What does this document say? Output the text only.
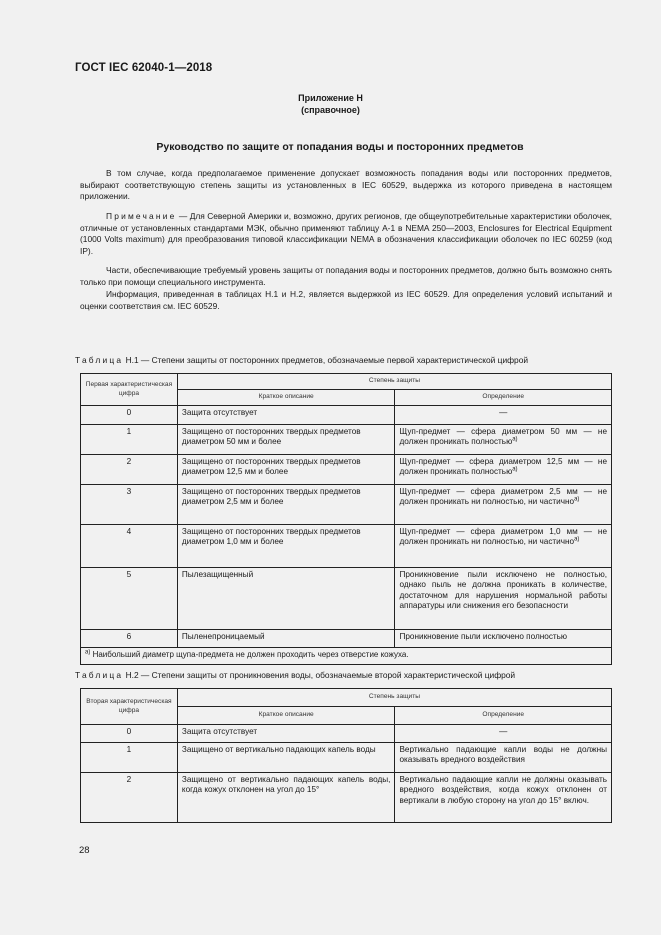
ГОСТ IEC 62040-1—2018
Приложение H
(справочное)
Руководство по защите от попадания воды и посторонних предметов

В том случае, когда предполагаемое применение допускает возможность попадания воды или посторонних предметов, выбирают соответствующую степень защиты из установленных в IEC 60529, выдержка из которого приведена в настоящем приложении.

Примечание — Для Северной Америки и, возможно, других регионов, где общеупотребительные характеристики оболочек, отличные от установленных стандартами МЭК, обычно применяют таблицу А-1 в NEMA 250—2003, Enclosures for Electrical Equipment (1000 Volts maximum) для преобразования типовой классификации NEMA в обозначения классификации оболочек по IEC 60259 (код IP).

Части, обеспечивающие требуемый уровень защиты от попадания воды и посторонних предметов, должно быть возможно снять только при помощи специального инструмента.

Информация, приведенная в таблицах H.1 и H.2, является выдержкой из IEC 60529. Для определения условий испытаний и оценки соответствия см. IEC 60529.

Таблица H.1 — Степени защиты от посторонних предметов, обозначаемые первой характеристической цифрой
Первая характеристическая цифра	Степень защиты	
	Краткое описание	Определение
0	Защита отсутствует	—
1	Защищено от посторонних твердых предметов диаметром 50 мм и более	Щуп-предмет — сфера диаметром 50 мм — не должен проникать полностью$^{a)}$
2	Защищено от посторонних твердых предметов диаметром 12,5 мм и более	Щуп-предмет — сфера диаметром 12,5 мм — не должен проникать полностью$^{a)}$
3	Защищено от посторонних твердых предметов диаметром 2,5 мм и более	Щуп-предмет — сфера диаметром 2,5 мм — не должен проникать ни полностью, ни частично$^{a)}$
4	Защищено от посторонних твердых предметов диаметром 1,0 мм и более	Щуп-предмет — сфера диаметром 1,0 мм — не должен проникать ни полностью, ни частично$^{a)}$
5	Пылезащищенный	Проникновение пыли исключено не полностью, однако пыль не должна проникать в количестве, достаточном для нарушения нормальной работы аппаратуры или снижения его безопасности
6	Пыленепроницаемый	Проникновение пыли исключено полностью
$^{a)}$ Наибольший диаметр щупа-предмета не должен проходить через отверстие кожуха.		
Таблица H.2 — Степени защиты от проникновения воды, обозначаемые второй характеристической цифрой
Вторая характеристическая цифра	Степень защиты	
	Краткое описание	Определение
0	Защита отсутствует	—
1	Защищено от вертикально падающих капель воды	Вертикально падающие капли воды не должны оказывать вредного воздействия
2	Защищено от вертикально падающих капель воды, когда кожух отклонен на угол до 15°	Вертикально падающие капли не должны оказывать вредного воздействия, когда кожух отклонен от вертикали в любую сторону на угол до 15° включ.
28
